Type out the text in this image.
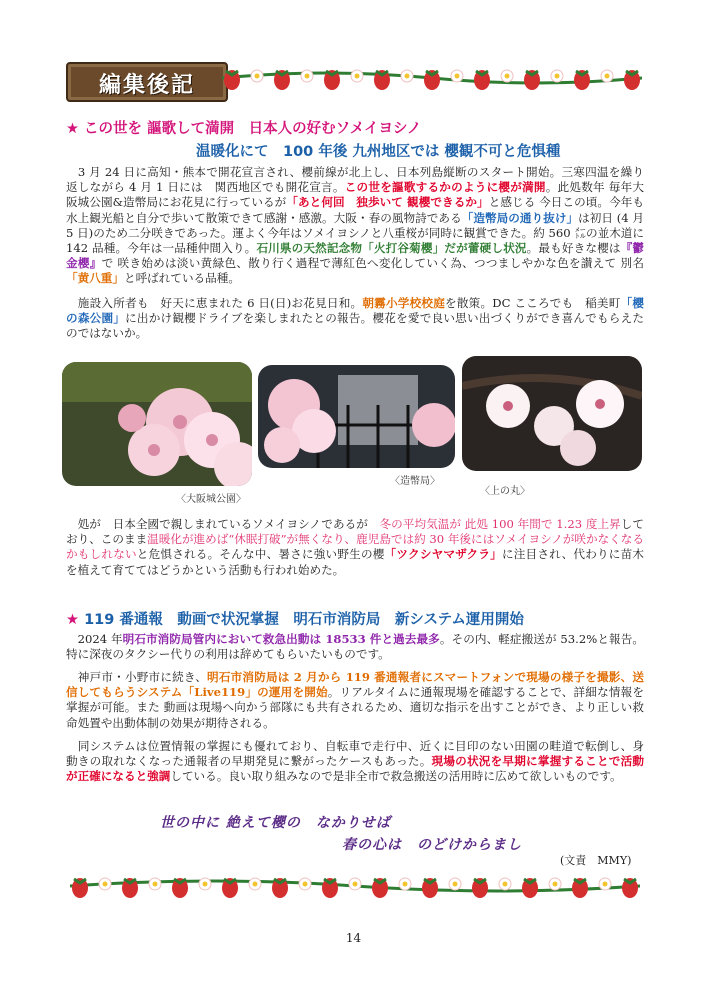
編集後記
★ この世を 謳歌して満開　日本人の好むソメイヨシノ
温暖化にて　100 年後 九州地区では 櫻観不可と危惧種
　3 月 24 日に高知・熊本で開花宣言され、櫻前線が北上し、日本列島縦断のスタート開始。三寒四温を繰り返しながら 4 月 1 日には　関西地区でも開花宣言。この世を謳歌するかのように櫻が満開。此処数年 毎年大阪城公園&造幣局にお花見に行っているが「あと何回　独歩いて 観櫻できるか」と感じる 今日この頃。今年も水上観光船と自分で歩いて散策できて感謝・感激。大阪・春の風物詩である「造幣局の通り抜け」は初日 (4 月 5 日)のため二分咲きであった。運よく今年はソメイヨシノと八重桜が同時に観賞できた。約 560 ㍍の並木道に 142 品種。今年は一品種仲間入り。石川県の天然記念物「火打谷菊櫻」だが蕾硬し状況。最も好きな櫻は『鬱金櫻』で 咲き始めは淡い黄緑色、散り行く過程で薄紅色へ変化していく為、つつましやかな色を讃えて 別名「黄八重」と呼ばれている品種。
　施設入所者も　好天に恵まれた 6 日(日)お花見日和。朝霧小学校校庭を散策。DC こころでも　稲美町「櫻の森公園」に出かけ観櫻ドライブを楽しまれたとの報告。櫻花を愛で良い思い出づくりができ喜んでもらえたのではないか。
〈大阪城公園〉
〈造幣局〉
〈上の丸〉
　処が　日本全國で親しまれているソメイヨシノであるが　冬の平均気温が 此処 100 年間で 1.23 度上昇しており、このまま温暖化が進めば“休眠打破”が無くなり、鹿児島では約 30 年後にはソメイヨシノが咲かなくなるかもしれないと危惧される。そんな中、暑さに強い野生の櫻「ツクシヤマザクラ」に注目され、代わりに苗木を植えて育ててはどうかという活動も行われ始めた。
★ 119 番通報　動画で状況掌握　明石市消防局　新システム運用開始
　2024 年明石市消防局管内において救急出動は 18533 件と過去最多。その内、軽症搬送が 53.2%と報告。特に深夜のタクシー代りの利用は辞めてもらいたいものです。
　神戸市・小野市に続き、明石市消防局は 2 月から 119 番通報者にスマートフォンで現場の様子を撮影、送信してもらうシステム「Live119」の運用を開始。リアルタイムに通報現場を確認することで、詳細な情報を掌握が可能。また 動画は現場へ向かう部隊にも共有されるため、適切な指示を出すことができ、より正しい救命処置や出動体制の効果が期待される。
　同システムは位置情報の掌握にも優れており、自転車で走行中、近くに目印のない田園の畦道で転倒し、身動きの取れなくなった通報者の早期発見に繋がったケースもあった。現場の状況を早期に掌握することで活動が正確になると強調している。良い取り組みなので是非全市で救急搬送の活用時に広めて欲しいものです。
世の中に 絶えて櫻の　なかりせば
春の心は　のどけからまし
(文責　MMY)
14
